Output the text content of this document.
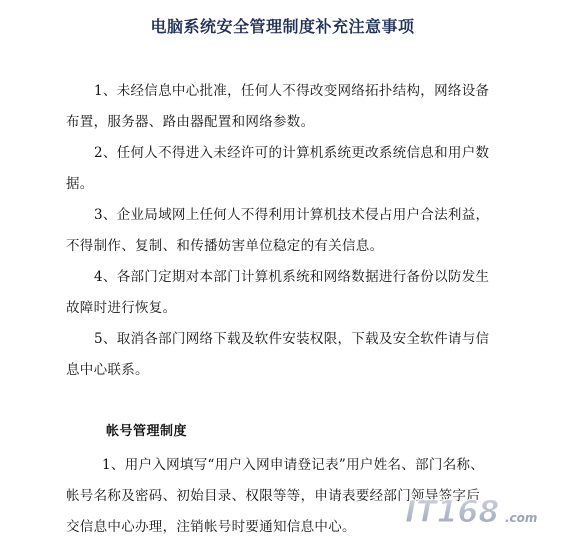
电脑系统安全管理制度补充注意事项

1、未经信息中心批准，任何人不得改变网络拓扑结构，网络设备
布置，服务器、路由器配置和网络参数。

2、任何人不得进入未经许可的计算机系统更改系统信息和用户数
据。

3、企业局域网上任何人不得利用计算机技术侵占用户合法利益，
不得制作、复制、和传播妨害单位稳定的有关信息。

4、各部门定期对本部门计算机系统和网络数据进行备份以防发生
故障时进行恢复。

5、取消各部门网络下载及软件安装权限，下载及安全软件请与信
息中心联系。

帐号管理制度

1、用户入网填写“用户入网申请登记表”用户姓名、部门名称、
帐号名称及密码、初始目录、权限等等，申请表要经部门领导签字后
交信息中心办理，注销帐号时要通知信息中心。	IT168 .com
